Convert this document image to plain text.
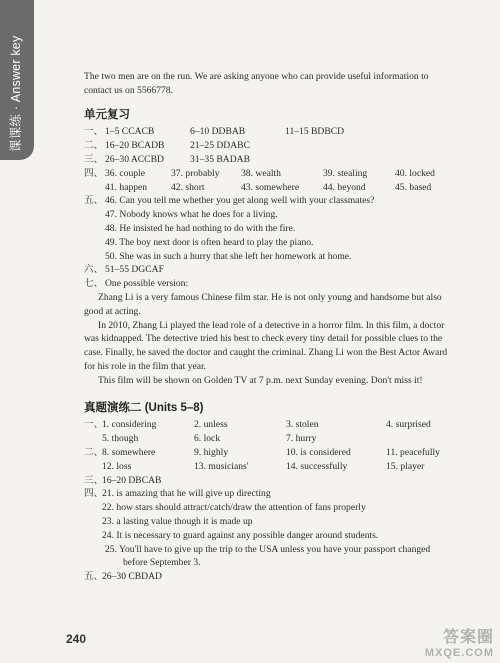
课课练 · Answer key	The two men are on the run. We are asking anyone who can provide useful information to contact us on 5566778.

单元复习
一、 1–5 CCACB	6–10 DDBAB	11–15 BDBCD
二、 16–20 BCADB	21–25 DDABC
三、 26–30 ACCBD	31–35 BADAB
四、 36. couple	37. probably	38. wealth	39. stealing	40. locked
41. happen	42. short	43. somewhere	44. beyond	45. based
五、 46. Can you tell me whether you get along well with your classmates?

47. Nobody knows what he does for a living.

48. He insisted he had nothing to do with the fire.

49. The boy next door is often heard to play the piano.

50. She was in such a hurry that she left her homework at home.

六、 51–55 DGCAF
七、 One possible version:

Zhang Li is a very famous Chinese film star. He is not only young and handsome but also good at acting.

In 2010, Zhang Li played the lead role of a detective in a horror film. In this film, a doctor was kidnapped. The detective tried his best to check every tiny detail for possible clues to the case. Finally, he saved the doctor and caught the criminal. Zhang Li won the Best Actor Award for his role in the film that year.

This film will be shown on Golden TV at 7 p.m. next Sunday evening. Don't miss it!

真题演练二 (Units 5–8)
一、
1. considering	2. unless	3. stolen	4. surprised
5. though	6. lock	7. hurry
二、
8. somewhere	9. highly	10. is considered	11. peacefully
12. loss	13. musicians'	14. successfully	15. player
三、
16–20 DBCAB
四、
21. is amazing that he will give up directing

22. how stars should attract/catch/draw the attention of fans properly

23. a lasting value though it is made up

24. It is necessary to guard against any possible danger around students.

25. You'll have to give up the trip to the USA unless you have your passport changed before September 3.

五、
26–30 CBDAD
240	答案圈
MXQE.COM
